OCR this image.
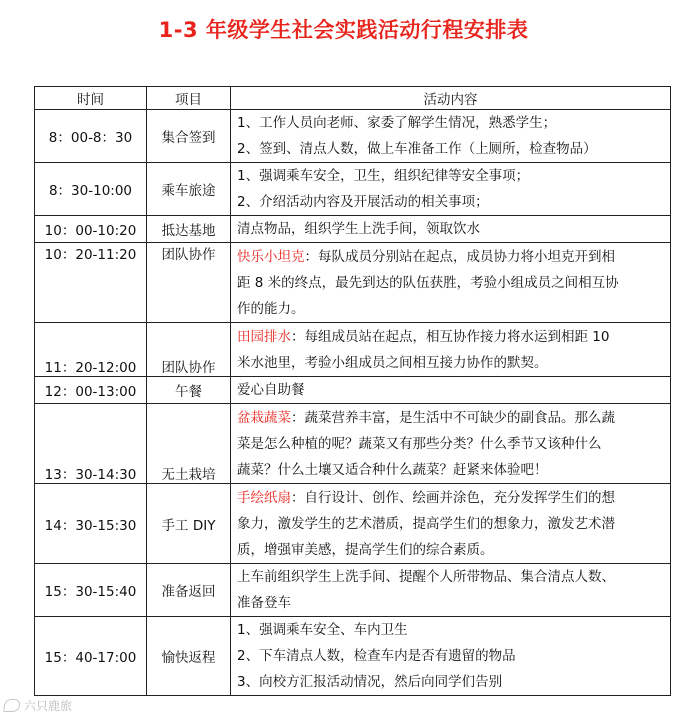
1-3 年级学生社会实践活动行程安排表
时间	项目	活动内容
8：00-8：30	集合签到	1、工作人员向老师、家委了解学生情况，熟悉学生；
2、签到、清点人数，做上车准备工作（上厕所，检查物品）

8：30-10:00	乘车旅途	1、强调乘车安全，卫生，组织纪律等安全事项；
2、介绍活动内容及开展活动的相关事项；

10：00-10:20	抵达基地	清点物品，组织学生上洗手间，领取饮水

10：20-11:20	团队协作	快乐小坦克：每队成员分别站在起点，成员协力将小坦克开到相
距 8 米的终点，最先到达的队伍获胜，考验小组成员之间相互协
作的能力。

11：20-12:00	团队协作	田园排水：每组成员站在起点，相互协作接力将水运到相距 10
米水池里，考验小组成员之间相互接力协作的默契。

12：00-13:00	午餐	爱心自助餐

13：30-14:30	无土栽培	盆栽蔬菜：蔬菜营养丰富，是生活中不可缺少的副食品。那么蔬
菜是怎么种植的呢？蔬菜又有那些分类？什么季节又该种什么
蔬菜？什么土壤又适合种什么蔬菜？赶紧来体验吧！

14：30-15:30	手工 DIY	手绘纸扇：自行设计、创作、绘画并涂色，充分发挥学生们的想
象力，激发学生的艺术潜质，提高学生们的想象力，激发艺术潜
质，增强审美感，提高学生们的综合素质。

15：30-15:40	准备返回	上车前组织学生上洗手间、提醒个人所带物品、集合清点人数、
准备登车

15：40-17:00	愉快返程	1、强调乘车安全、车内卫生
2、下车清点人数，检查车内是否有遗留的物品
3、向校方汇报活动情况，然后向同学们告别
六只鹿旅
